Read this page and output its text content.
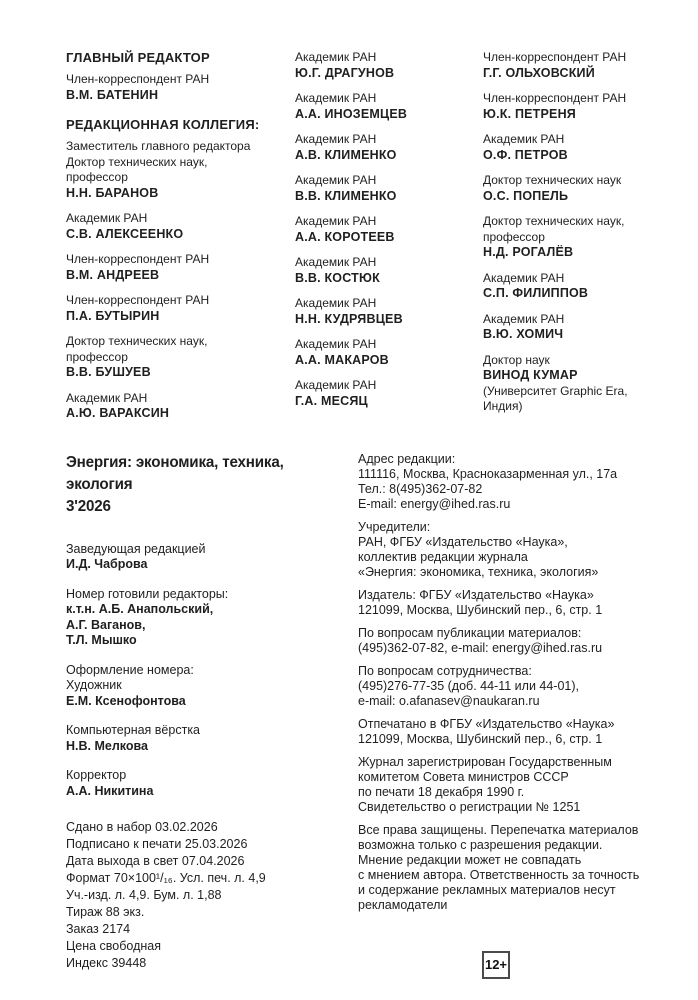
ГЛАВНЫЙ РЕДАКТОР
Член-корреспондент РАН
В.М. БАТЕНИН
РЕДАКЦИОННАЯ КОЛЛЕГИЯ:
Заместитель главного редактора
Доктор технических наук,
профессор
Н.Н. БАРАНОВ
Академик РАН
С.В. АЛЕКСЕЕНКО
Член-корреспондент РАН
В.М. АНДРЕЕВ
Член-корреспондент РАН
П.А. БУТЫРИН
Доктор технических наук,
профессор
В.В. БУШУЕВ
Академик РАН
А.Ю. ВАРАКСИН
Академик РАН
Ю.Г. ДРАГУНОВ
Академик РАН
А.А. ИНОЗЕМЦЕВ
Академик РАН
А.В. КЛИМЕНКО
Академик РАН
В.В. КЛИМЕНКО
Академик РАН
А.А. КОРОТЕЕВ
Академик РАН
В.В. КОСТЮК
Академик РАН
Н.Н. КУДРЯВЦЕВ
Академик РАН
А.А. МАКАРОВ
Академик РАН
Г.А. МЕСЯЦ
Член-корреспондент РАН
Г.Г. ОЛЬХОВСКИЙ
Член-корреспондент РАН
Ю.К. ПЕТРЕНЯ
Академик РАН
О.Ф. ПЕТРОВ
Доктор технических наук
О.С. ПОПЕЛЬ
Доктор технических наук,
профессор
Н.Д. РОГАЛЁВ
Академик РАН
С.П. ФИЛИППОВ
Академик РАН
В.Ю. ХОМИЧ
Доктор наук
ВИНОД КУМАР
(Университет Graphic Era,
Индия)
Энергия: экономика, техника, экология
3'2026
Заведующая редакцией
И.Д. Чаброва
Номер готовили редакторы:
к.т.н. А.Б. Анапольский,
А.Г. Ваганов,
Т.Л. Мышко
Оформление номера:
Художник
Е.М. Ксенофонтова
Компьютерная вёрстка
Н.В. Мелкова
Корректор
А.А. Никитина
Сдано в набор 03.02.2026
Подписано к печати 25.03.2026
Дата выхода в свет 07.04.2026
Формат 70×100¹/₁₆. Усл. печ. л. 4,9
Уч.-изд. л. 4,9. Бум. л. 1,88
Тираж 88 экз.
Заказ 2174
Цена свободная
Индекс 39448
Адрес редакции:
111116, Москва, Красноказарменная ул., 17а
Тел.: 8(495)362-07-82
E-mail: energy@ihed.ras.ru
Учредители:
РАН, ФГБУ «Издательство «Наука»,
коллектив редакции журнала
«Энергия: экономика, техника, экология»
Издатель: ФГБУ «Издательство «Наука»
121099, Москва, Шубинский пер., 6, стр. 1
По вопросам публикации материалов:
(495)362-07-82, e-mail: energy@ihed.ras.ru
По вопросам сотрудничества:
(495)276-77-35 (доб. 44-11 или 44-01),
e-mail: o.afanasev@naukaran.ru
Отпечатано в ФГБУ «Издательство «Наука»
121099, Москва, Шубинский пер., 6, стр. 1
Журнал зарегистрирован Государственным
комитетом Совета министров СССР
по печати 18 декабря 1990 г.
Свидетельство о регистрации № 1251
Все права защищены. Перепечатка материалов
возможна только с разрешения редакции.
Мнение редакции может не совпадать
с мнением автора. Ответственность за точность
и содержание рекламных материалов несут
рекламодатели
12+
